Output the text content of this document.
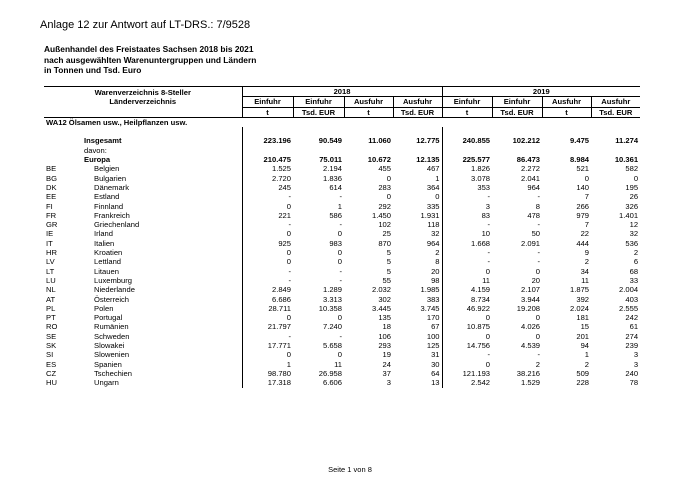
Anlage 12 zur Antwort auf LT-DRS.: 7/9528
Außenhandel des Freistaates Sachsen 2018 bis 2021
nach ausgewählten Warenuntergruppen und Ländern
in Tonnen und Tsd. Euro
Warenverzeichnis 8-Steller
Länderverzeichnis		2018				2019			
		Einfuhr	Einfuhr	Ausfuhr	Ausfuhr	Einfuhr	Einfuhr	Ausfuhr	Ausfuhr
		t	Tsd. EUR	t	Tsd. EUR	t	Tsd. EUR	t	Tsd. EUR
WA12 Ölsamen usw., Heilpflanzen usw.									

	Insgesamt	223.196	90.549	11.060	12.775	240.855	102.212	9.475	11.274
	davon:								
	Europa	210.475	75.011	10.672	12.135	225.577	86.473	8.984	10.361
BE	Belgien	1.525	2.194	455	467	1.826	2.272	521	582
BG	Bulgarien	2.720	1.836	0	1	3.078	2.041	0	0
DK	Dänemark	245	614	283	364	353	964	140	195
EE	Estland	-	-	0	0	-	-	7	26
FI	Finnland	0	1	292	335	3	8	266	326
FR	Frankreich	221	586	1.450	1.931	83	478	979	1.401
GR	Griechenland	-	-	102	118	-	-	7	12
IE	Irland	0	0	25	32	10	50	22	32
IT	Italien	925	983	870	964	1.668	2.091	444	536
HR	Kroatien	0	0	5	2	-	-	9	2
LV	Lettland	0	0	5	8	-	-	2	6
LT	Litauen	-	-	5	20	0	0	34	68
LU	Luxemburg	-	-	55	98	11	20	11	33
NL	Niederlande	2.849	1.289	2.032	1.985	4.159	2.107	1.875	2.004
AT	Österreich	6.686	3.313	302	383	8.734	3.944	392	403
PL	Polen	28.711	10.358	3.445	3.745	46.922	19.208	2.024	2.555
PT	Portugal	0	0	135	170	0	0	181	242
RO	Rumänien	21.797	7.240	18	67	10.875	4.026	15	61
SE	Schweden	-	-	106	100	0	0	201	274
SK	Slowakei	17.771	5.658	293	125	14.756	4.539	94	239
SI	Slowenien	0	0	19	31	-	-	1	3
ES	Spanien	1	11	24	30	0	2	2	3
CZ	Tschechien	98.780	26.958	37	64	121.193	38.216	509	240
HU	Ungarn	17.318	6.606	3	13	2.542	1.529	228	78
Seite 1 von 8
